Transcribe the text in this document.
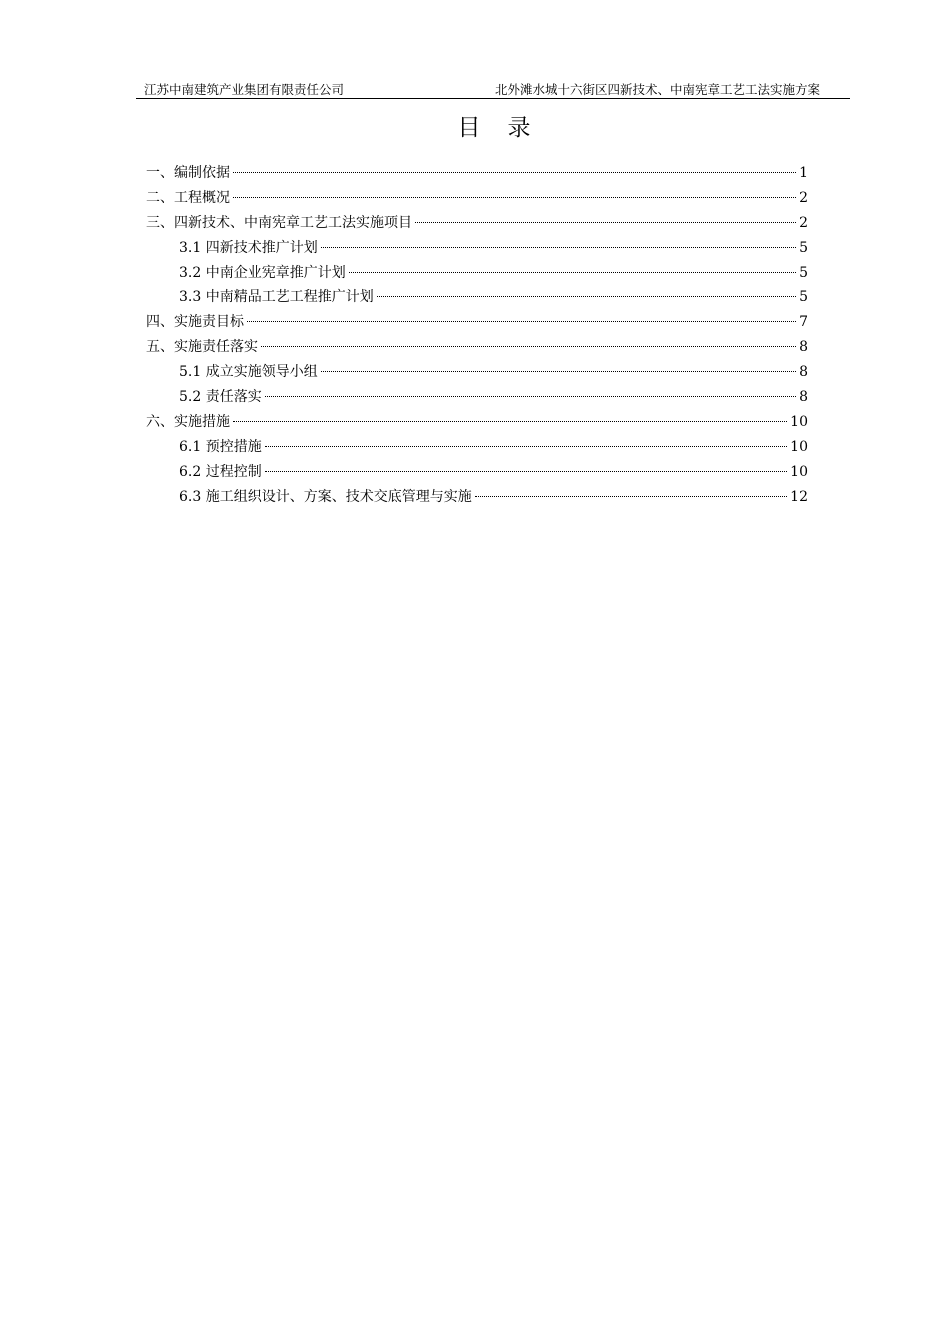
江苏中南建筑产业集团有限责任公司	北外滩水城十六街区四新技术、中南宪章工艺工法实施方案
目　录
一、编制依据	1
二、工程概况	2
三、四新技术、中南宪章工艺工法实施项目	2
3.1 四新技术推广计划	5
3.2 中南企业宪章推广计划	5
3.3 中南精品工艺工程推广计划	5
四、实施责目标	7
五、实施责任落实	8
5.1 成立实施领导小组	8
5.2 责任落实	8
六、实施措施	10
6.1 预控措施	10
6.2 过程控制	10
6.3 施工组织设计、方案、技术交底管理与实施	12
